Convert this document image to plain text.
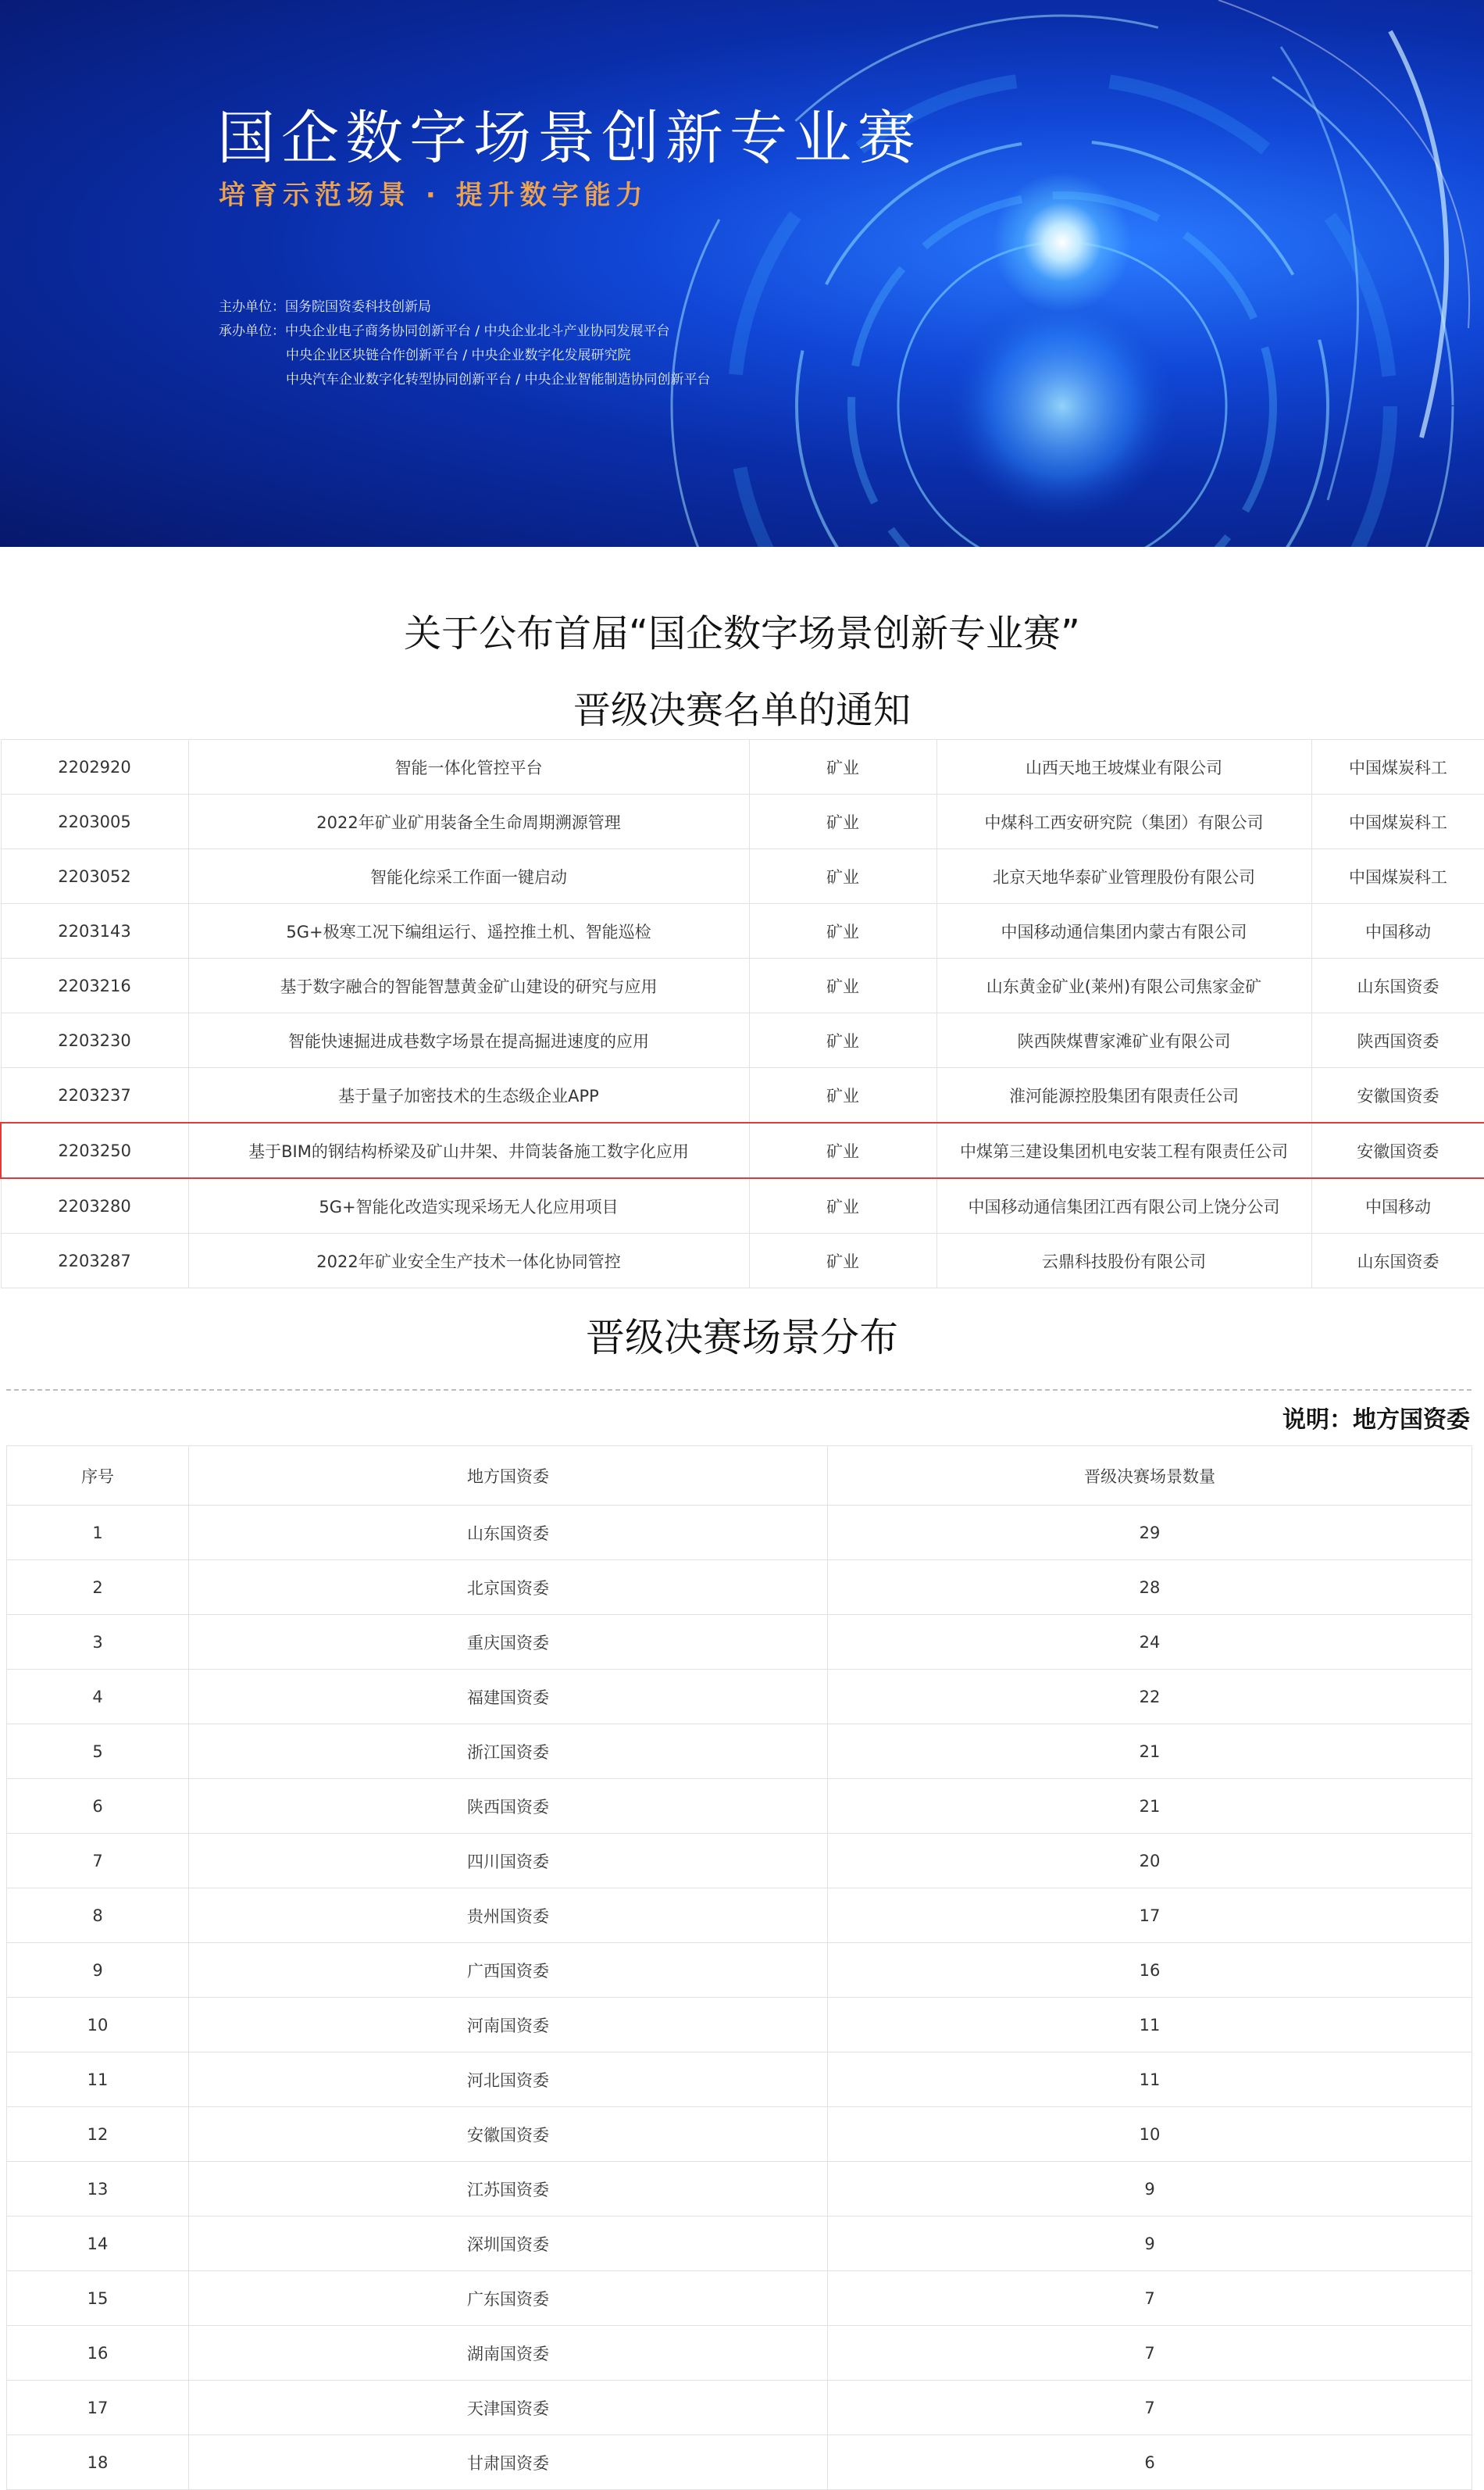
国企数字场景创新专业赛
培育示范场景 · 提升数字能力
主办单位：国务院国资委科技创新局
承办单位：中央企业电子商务协同创新平台 / 中央企业北斗产业协同发展平台
中央企业区块链合作创新平台 / 中央企业数字化发展研究院
中央汽车企业数字化转型协同创新平台 / 中央企业智能制造协同创新平台
关于公布首届“国企数字场景创新专业赛”
晋级决赛名单的通知
2202920	智能一体化管控平台	矿业	山西天地王坡煤业有限公司	中国煤炭科工
2203005	2022年矿业矿用装备全生命周期溯源管理	矿业	中煤科工西安研究院（集团）有限公司	中国煤炭科工
2203052	智能化综采工作面一键启动	矿业	北京天地华泰矿业管理股份有限公司	中国煤炭科工
2203143	5G+极寒工况下编组运行、遥控推土机、智能巡检	矿业	中国移动通信集团内蒙古有限公司	中国移动
2203216	基于数字融合的智能智慧黄金矿山建设的研究与应用	矿业	山东黄金矿业(莱州)有限公司焦家金矿	山东国资委
2203230	智能快速掘进成巷数字场景在提高掘进速度的应用	矿业	陕西陕煤曹家滩矿业有限公司	陕西国资委
2203237	基于量子加密技术的生态级企业APP	矿业	淮河能源控股集团有限责任公司	安徽国资委
2203250	基于BIM的钢结构桥梁及矿山井架、井筒装备施工数字化应用	矿业	中煤第三建设集团机电安装工程有限责任公司	安徽国资委
2203280	5G+智能化改造实现采场无人化应用项目	矿业	中国移动通信集团江西有限公司上饶分公司	中国移动
2203287	2022年矿业安全生产技术一体化协同管控	矿业	云鼎科技股份有限公司	山东国资委
晋级决赛场景分布
说明：地方国资委
序号	地方国资委	晋级决赛场景数量
1	山东国资委	29
2	北京国资委	28
3	重庆国资委	24
4	福建国资委	22
5	浙江国资委	21
6	陕西国资委	21
7	四川国资委	20
8	贵州国资委	17
9	广西国资委	16
10	河南国资委	11
11	河北国资委	11
12	安徽国资委	10
13	江苏国资委	9
14	深圳国资委	9
15	广东国资委	7
16	湖南国资委	7
17	天津国资委	7
18	甘肃国资委	6
